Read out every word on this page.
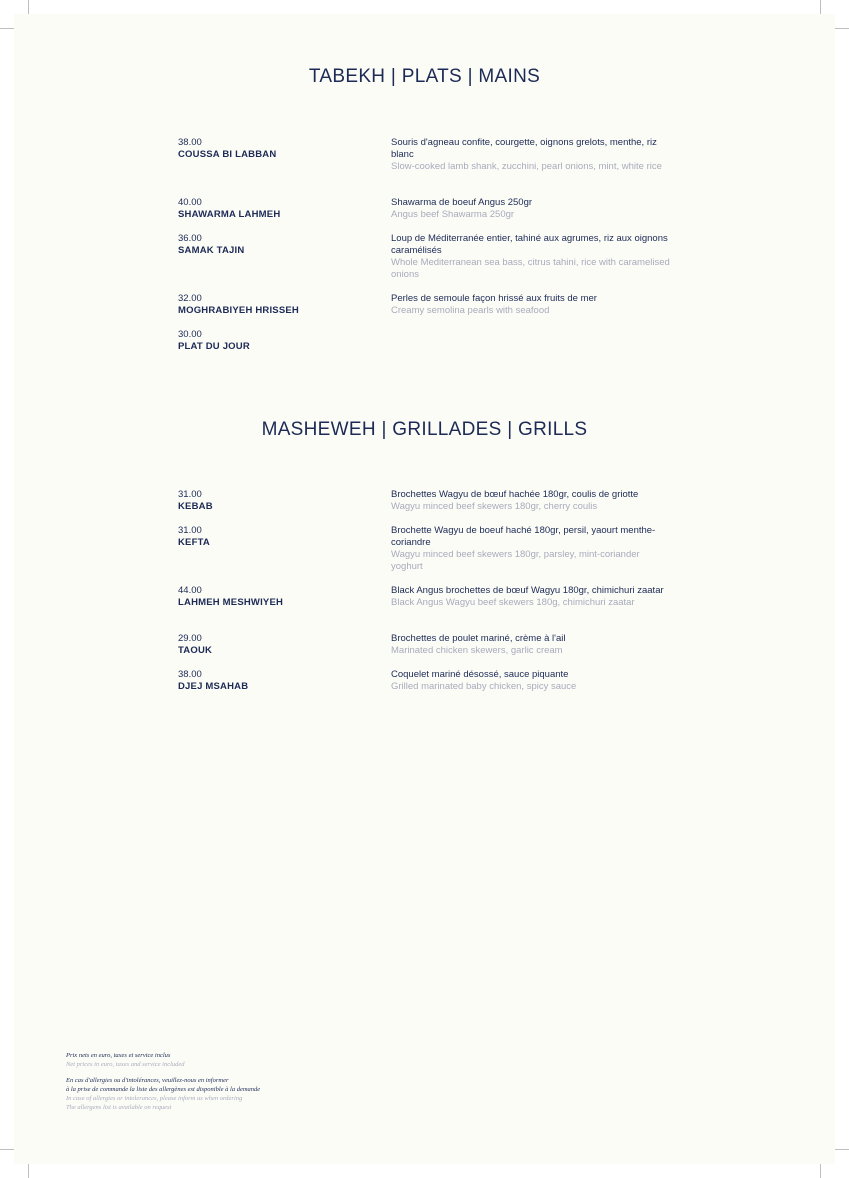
TABEKH | PLATS | MAINS
38.00
COUSSA BI LABBAN
Souris d'agneau confite, courgette, oignons grelots, menthe, riz blanc
Slow-cooked lamb shank, zucchini, pearl onions, mint, white rice
40.00
SHAWARMA LAHMEH
Shawarma de boeuf Angus 250gr
Angus beef Shawarma 250gr
36.00
SAMAK TAJIN
Loup de Méditerranée entier, tahiné aux agrumes, riz aux oignons caramélisés
Whole Mediterranean sea bass, citrus tahini, rice with caramelised onions
32.00
MOGHRABIYEH HRISSEH
Perles de semoule façon hrissé aux fruits de mer
Creamy semolina pearls with seafood
30.00
PLAT DU JOUR
MASHEWEH | GRILLADES | GRILLS
31.00
KEBAB
Brochettes Wagyu de bœuf hachée 180gr, coulis de griotte
Wagyu minced beef skewers 180gr, cherry coulis
31.00
KEFTA
Brochette Wagyu de boeuf haché 180gr, persil, yaourt menthe-coriandre
Wagyu minced beef skewers 180gr, parsley, mint-coriander yoghurt
44.00
LAHMEH MESHWIYEH
Black Angus brochettes de bœuf Wagyu 180gr, chimichuri zaatar
Black Angus Wagyu beef skewers 180g, chimichuri zaatar
29.00
TAOUK
Brochettes de poulet mariné, crème à l'ail
Marinated chicken skewers, garlic cream
38.00
DJEJ MSAHAB
Coquelet mariné désossé, sauce piquante
Grilled marinated baby chicken, spicy sauce
Prix nets en euro, taxes et service inclus
Net prices in euro, taxes and service included
En cas d'allergies ou d'intolérances, veuillez-nous en informer
à la prise de commande la liste des allergènes est disponible à la demande
In case of allergies or intolerances, please inform us when ordering
The allergens list is available on request
